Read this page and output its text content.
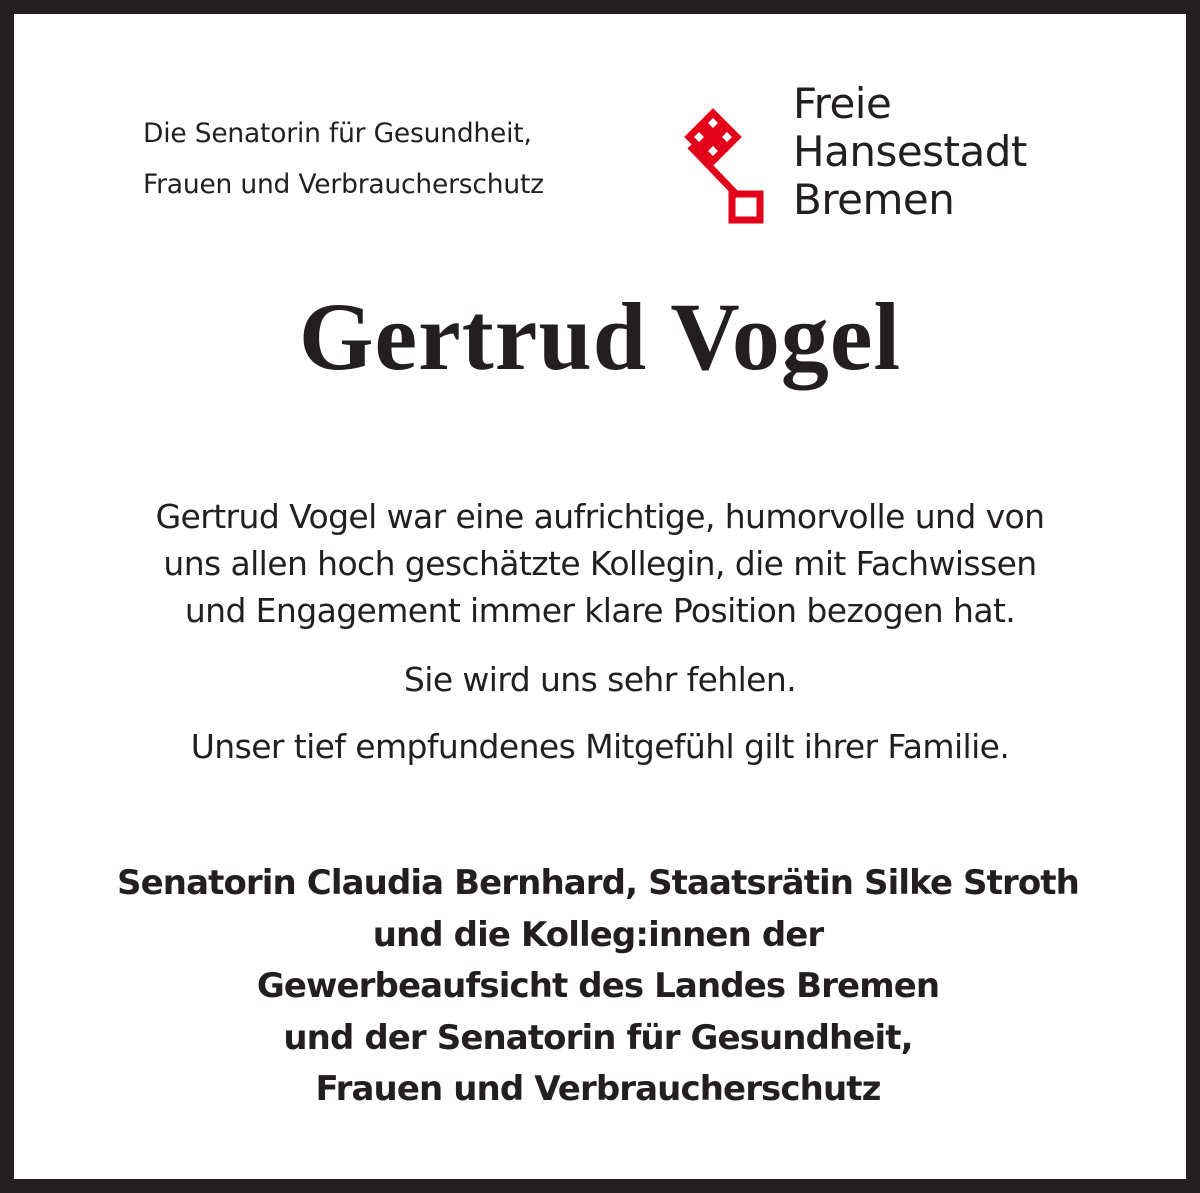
Die Senatorin für Gesundheit,
Frauen und Verbraucherschutz
Freie
Hansestadt
Bremen
Gertrud Vogel
Gertrud Vogel war eine aufrichtige, humorvolle und von
uns allen hoch geschätzte Kollegin, die mit Fachwissen
und Engagement immer klare Position bezogen hat.
Sie wird uns sehr fehlen.
Unser tief empfundenes Mitgefühl gilt ihrer Familie.
Senatorin Claudia Bernhard, Staatsrätin Silke Stroth
und die Kolleg:innen der
Gewerbeaufsicht des Landes Bremen
und der Senatorin für Gesundheit,
Frauen und Verbraucherschutz
